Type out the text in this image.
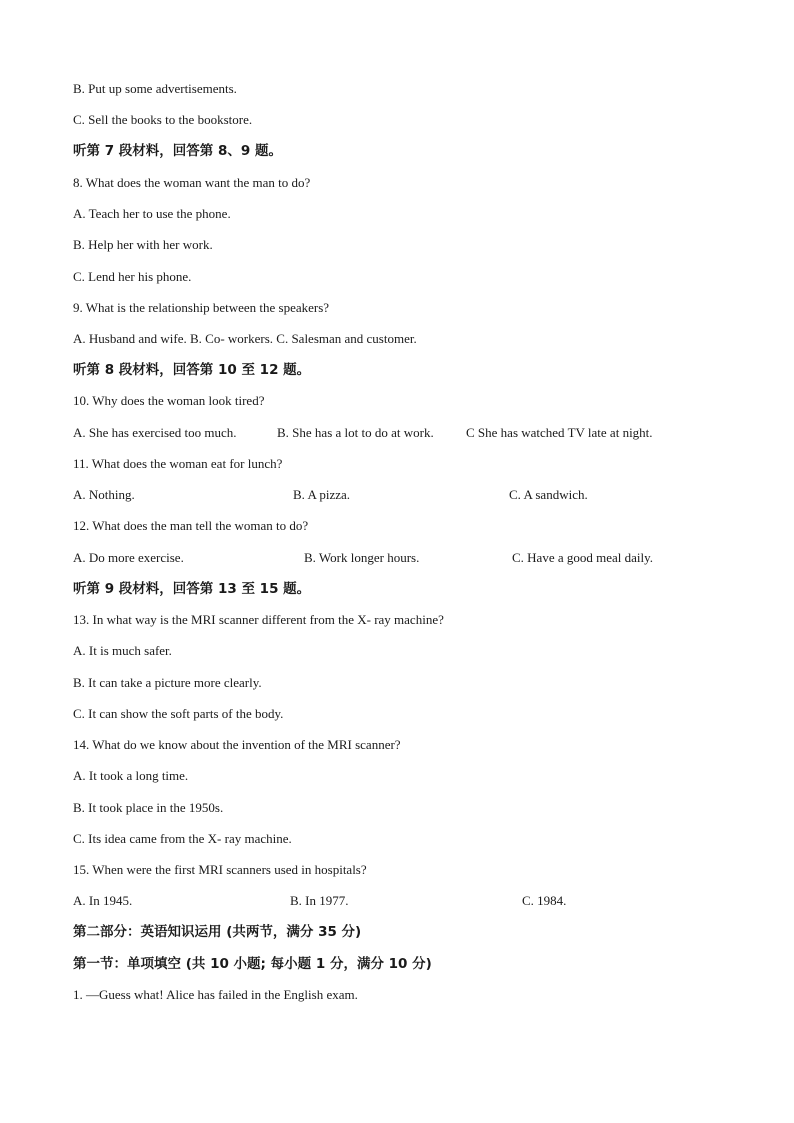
B. Put up some advertisements.
C. Sell the books to the bookstore.
听第 7 段材料，回答第 8、9 题。
8. What does the woman want the man to do?
A. Teach her to use the phone.
B. Help her with her work.
C. Lend her his phone.
9. What is the relationship between the speakers?
A. Husband and wife. B. Co- workers. C. Salesman and customer.
听第 8 段材料，回答第 10 至 12 题。
10. Why does the woman look tired?
A. She has exercised too much.	B. She has a lot to do at work. C She has watched TV late at night.
11. What does the woman eat for lunch?
A. Nothing.	B. A pizza.	C. A sandwich.
12. What does the man tell the woman to do?
A. Do more exercise.	B. Work longer hours.	C. Have a good meal daily.
听第 9 段材料，回答第 13 至 15 题。
13. In what way is the MRI scanner different from the X- ray machine?
A. It is much safer.
B. It can take a picture more clearly.
C. It can show the soft parts of the body.
14. What do we know about the invention of the MRI scanner?
A. It took a long time.
B. It took place in the 1950s.
C. Its idea came from the X- ray machine.
15. When were the first MRI scanners used in hospitals?
A. In 1945.	B. In 1977.	C. 1984.
第二部分：英语知识运用 (共两节，满分 35 分)
第一节：单项填空 (共 10 小题; 每小题 1 分，满分 10 分)
1. —Guess what! Alice has failed in the English exam.
